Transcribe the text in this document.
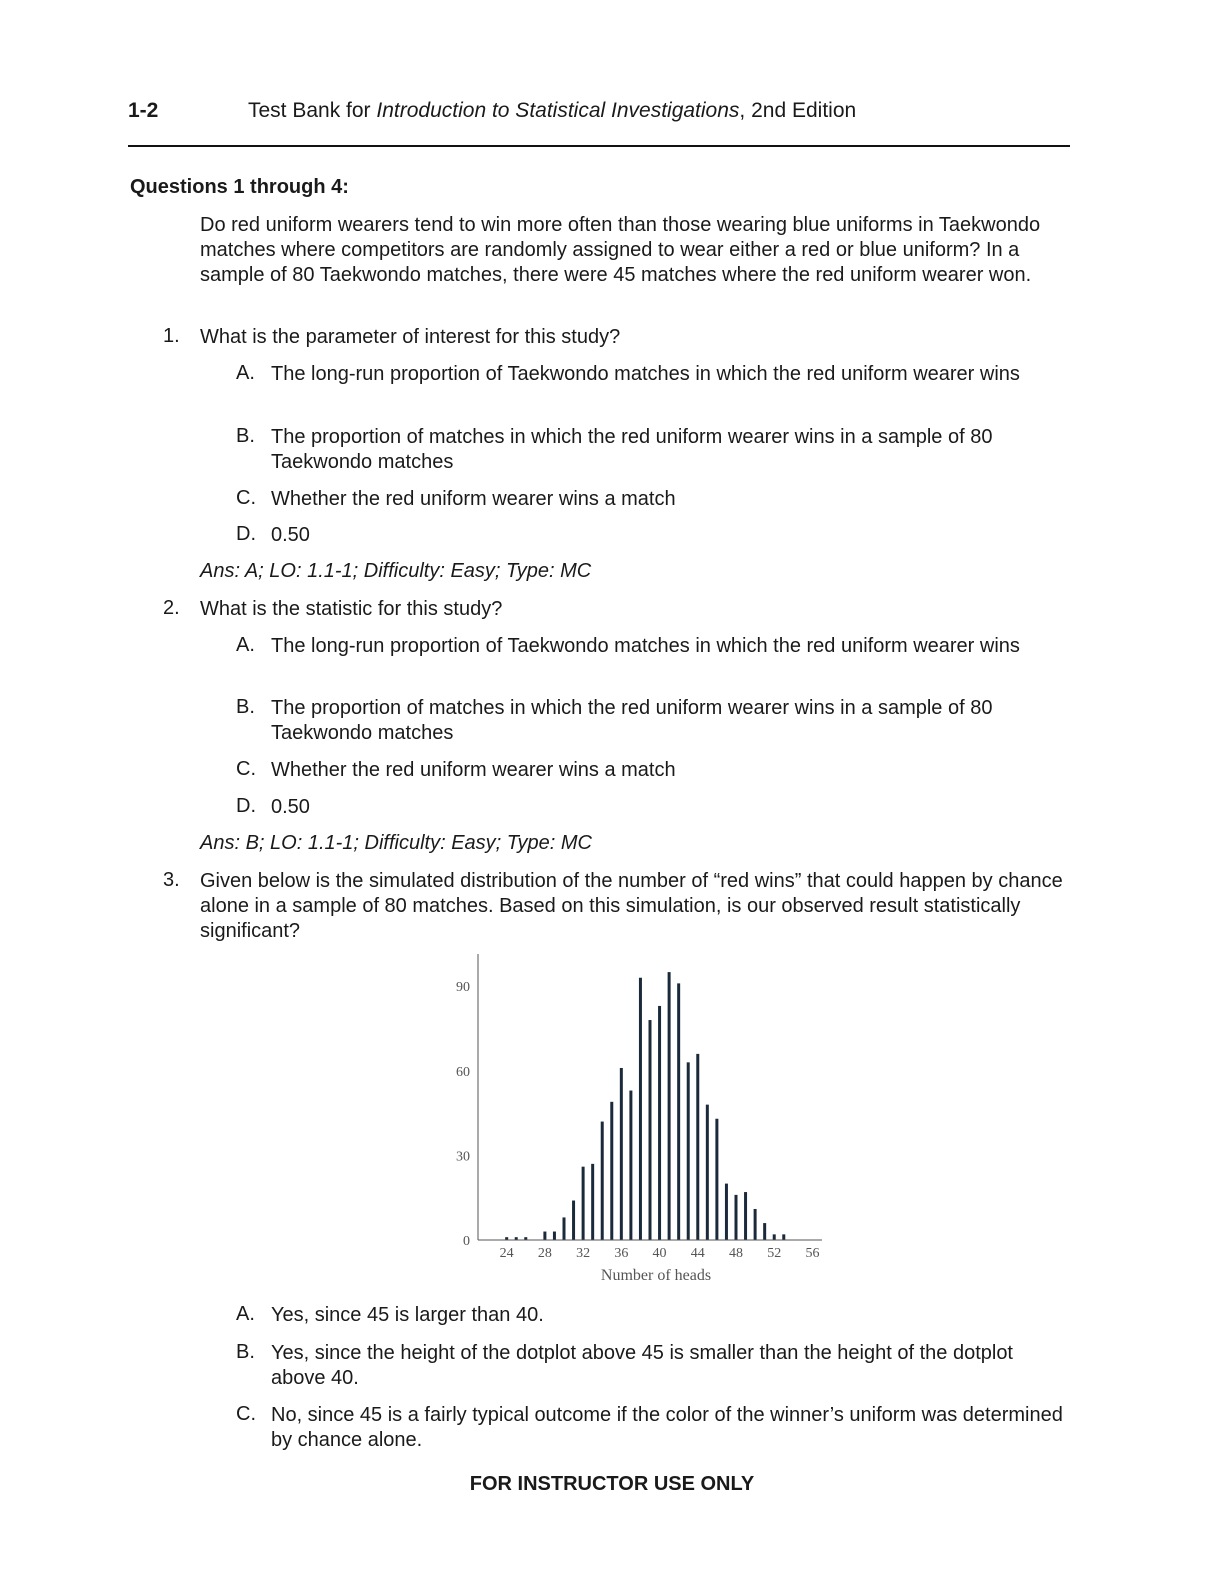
1-2	Test Bank for Introduction to Statistical Investigations, 2nd Edition
Questions 1 through 4:
Do red uniform wearers tend to win more often than those wearing blue uniforms in Taekwondo matches where competitors are randomly assigned to wear either a red or blue uniform? In a sample of 80 Taekwondo matches, there were 45 matches where the red uniform wearer won.
1. What is the parameter of interest for this study?
A. The long-run proportion of Taekwondo matches in which the red uniform wearer wins
B. The proportion of matches in which the red uniform wearer wins in a sample of 80 Taekwondo matches
C. Whether the red uniform wearer wins a match
D. 0.50
Ans: A; LO: 1.1-1; Difficulty: Easy; Type: MC
2. What is the statistic for this study?
A. The long-run proportion of Taekwondo matches in which the red uniform wearer wins
B. The proportion of matches in which the red uniform wearer wins in a sample of 80 Taekwondo matches
C. Whether the red uniform wearer wins a match
D. 0.50
Ans: B; LO: 1.1-1; Difficulty: Easy; Type: MC
3. Given below is the simulated distribution of the number of “red wins” that could happen by chance alone in a sample of 80 matches. Based on this simulation, is our observed result statistically significant?
0
30
60
90
24 28 32 36 40 44 48 52 56
Number of heads
A. Yes, since 45 is larger than 40.
B. Yes, since the height of the dotplot above 45 is smaller than the height of the dotplot above 40.
C. No, since 45 is a fairly typical outcome if the color of the winner’s uniform was determined by chance alone.
FOR INSTRUCTOR USE ONLY
